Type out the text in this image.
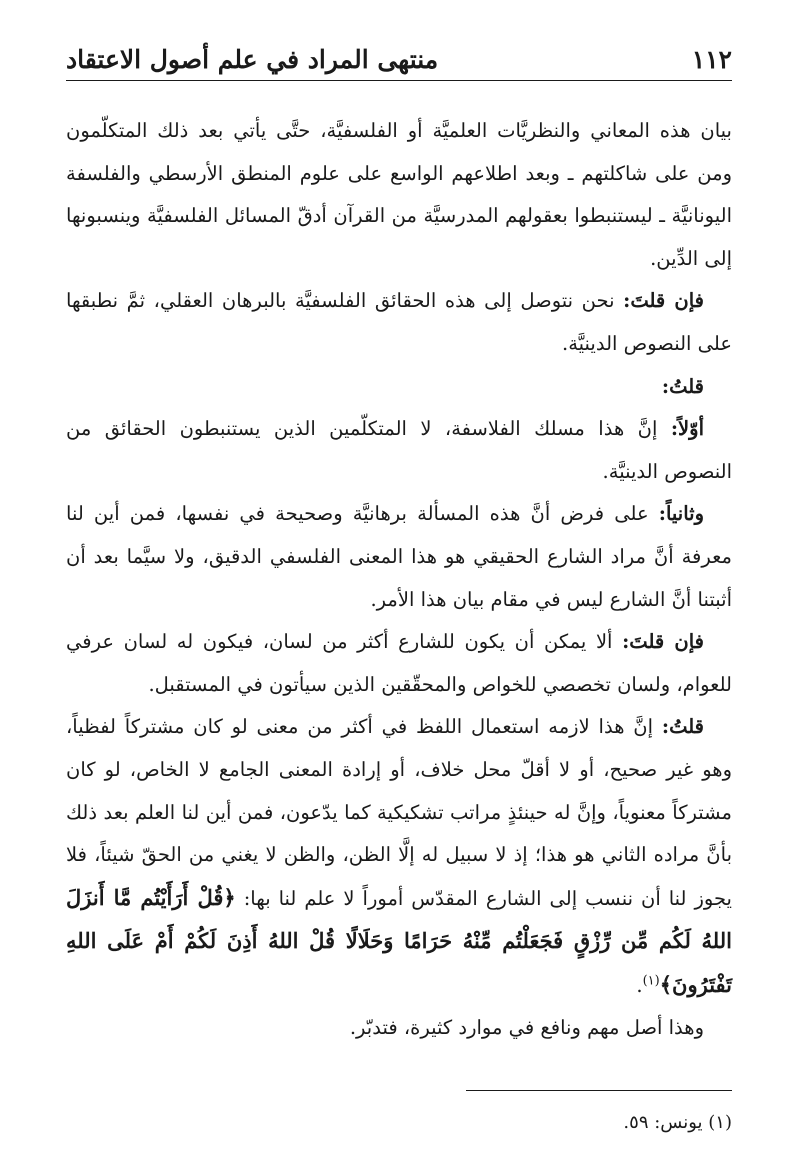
١١٢
منتهى المراد في علم أصول الاعتقاد

بيان هذه المعاني والنظريَّات العلميَّة أو الفلسفيَّة، حتَّى يأتي بعد ذلك المتكلّمون ومن على شاكلتهم ـ وبعد اطلاعهم الواسع على علوم المنطق الأرسطي والفلسفة اليونانيَّة ـ ليستنبطوا بعقولهم المدرسيَّة من القرآن أدقّ المسائل الفلسفيَّة وينسبونها إلى الدِّين.

فإن قلتَ: نحن نتوصل إلى هذه الحقائق الفلسفيَّة بالبرهان العقلي، ثمَّ نطبقها على النصوص الدينيَّة.

قلتُ:

أوّلاً: إنَّ هذا مسلك الفلاسفة، لا المتكلّمين الذين يستنبطون الحقائق من النصوص الدينيَّة.

وثانياً: على فرض أنَّ هذه المسألة برهانيَّة وصحيحة في نفسها، فمن أين لنا معرفة أنَّ مراد الشارع الحقيقي هو هذا المعنى الفلسفي الدقيق، ولا سيَّما بعد أن أثبتنا أنَّ الشارع ليس في مقام بيان هذا الأمر.

فإن قلتَ: ألا يمكن أن يكون للشارع أكثر من لسان، فيكون له لسان عرفي للعوام، ولسان تخصصي للخواص والمحقّقين الذين سيأتون في المستقبل.

قلتُ: إنَّ هذا لازمه استعمال اللفظ في أكثر من معنى لو كان مشتركاً لفظياً، وهو غير صحيح، أو لا أقلّ محل خلاف، أو إرادة المعنى الجامع لا الخاص، لو كان مشتركاً معنوياً، وإنَّ له حينئذٍ مراتب تشكيكية كما يدّعون، فمن أين لنا العلم بعد ذلك بأنَّ مراده الثاني هو هذا؛ إذ لا سبيل له إلَّا الظن، والظن لا يغني من الحقّ شيئاً، فلا يجوز لنا أن ننسب إلى الشارع المقدّس أموراً لا علم لنا بها: ﴿قُلْ أَرَأَيْتُم مَّا أَنزَلَ اللهُ لَكُم مِّن رِّزْقٍ فَجَعَلْتُم مِّنْهُ حَرَامًا وَحَلَالًا قُلْ اللهُ أَذِنَ لَكُمْ أَمْ عَلَى اللهِ تَفْتَرُونَ﴾$^{(١)}$.

وهذا أصل مهم ونافع في موارد كثيرة، فتدبّر.

(١) يونس: ٥٩.
